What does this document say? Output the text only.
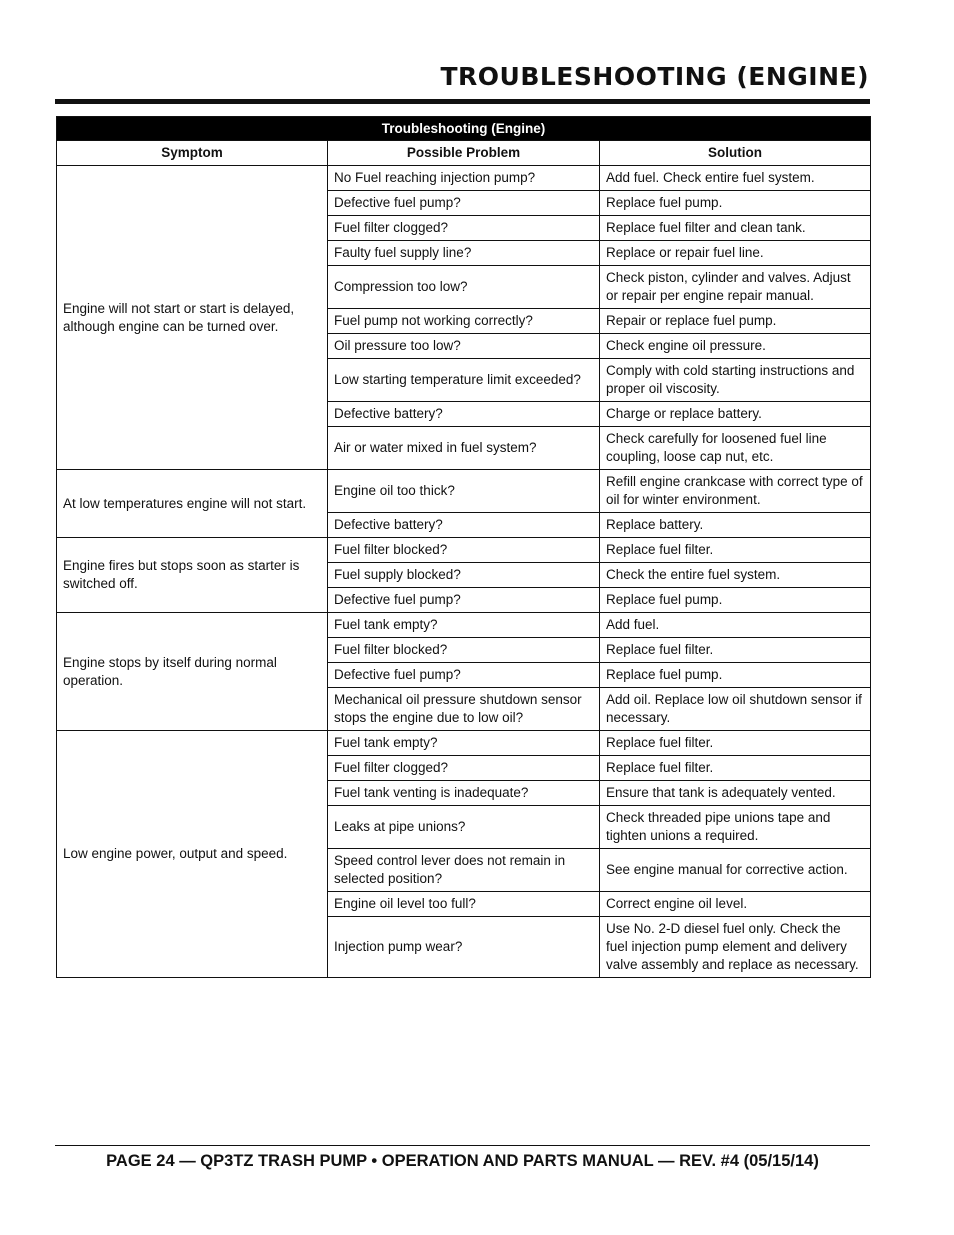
TROUBLESHOOTING (ENGINE)
Troubleshooting (Engine)		
Symptom	Possible Problem	Solution
Engine will not start or start is delayed, although engine can be turned over.	No Fuel reaching injection pump?	Add fuel. Check entire fuel system.
	Defective fuel pump?	Replace fuel pump.
	Fuel filter clogged?	Replace fuel filter and clean tank.
	Faulty fuel supply line?	Replace or repair fuel line.
	Compression too low?	Check piston, cylinder and valves. Adjust or repair per engine repair manual.
	Fuel pump not working correctly?	Repair or replace fuel pump.
	Oil pressure too low?	Check engine oil pressure.
	Low starting temperature limit exceeded?	Comply with cold starting instructions and proper oil viscosity.
	Defective battery?	Charge or replace battery.
	Air or water mixed in fuel system?	Check carefully for loosened fuel line coupling, loose cap nut, etc.
At low temperatures engine will not start.	Engine oil too thick?	Refill engine crankcase with correct type of oil for winter environment.
	Defective battery?	Replace battery.
Engine fires but stops soon as starter is switched off.	Fuel filter blocked?	Replace fuel filter.
	Fuel supply blocked?	Check the entire fuel system.
	Defective fuel pump?	Replace fuel pump.
Engine stops by itself during normal operation.	Fuel tank empty?	Add fuel.
	Fuel filter blocked?	Replace fuel filter.
	Defective fuel pump?	Replace fuel pump.
	Mechanical oil pressure shutdown sensor stops the engine due to low oil?	Add oil. Replace low oil shutdown sensor if necessary.
Low engine power, output and speed.	Fuel tank empty?	Replace fuel filter.
	Fuel filter clogged?	Replace fuel filter.
	Fuel tank venting is inadequate?	Ensure that tank is adequately vented.
	Leaks at pipe unions?	Check threaded pipe unions tape and tighten unions a required.
	Speed control lever does not remain in selected position?	See engine manual for corrective action.
	Engine oil level too full?	Correct engine oil level.
	Injection pump wear?	Use No. 2-D diesel fuel only. Check the fuel injection pump element and delivery valve assembly and replace as necessary.

PAGE 24 — QP3TZ TRASH PUMP • OPERATION AND PARTS MANUAL — REV. #4 (05/15/14)
